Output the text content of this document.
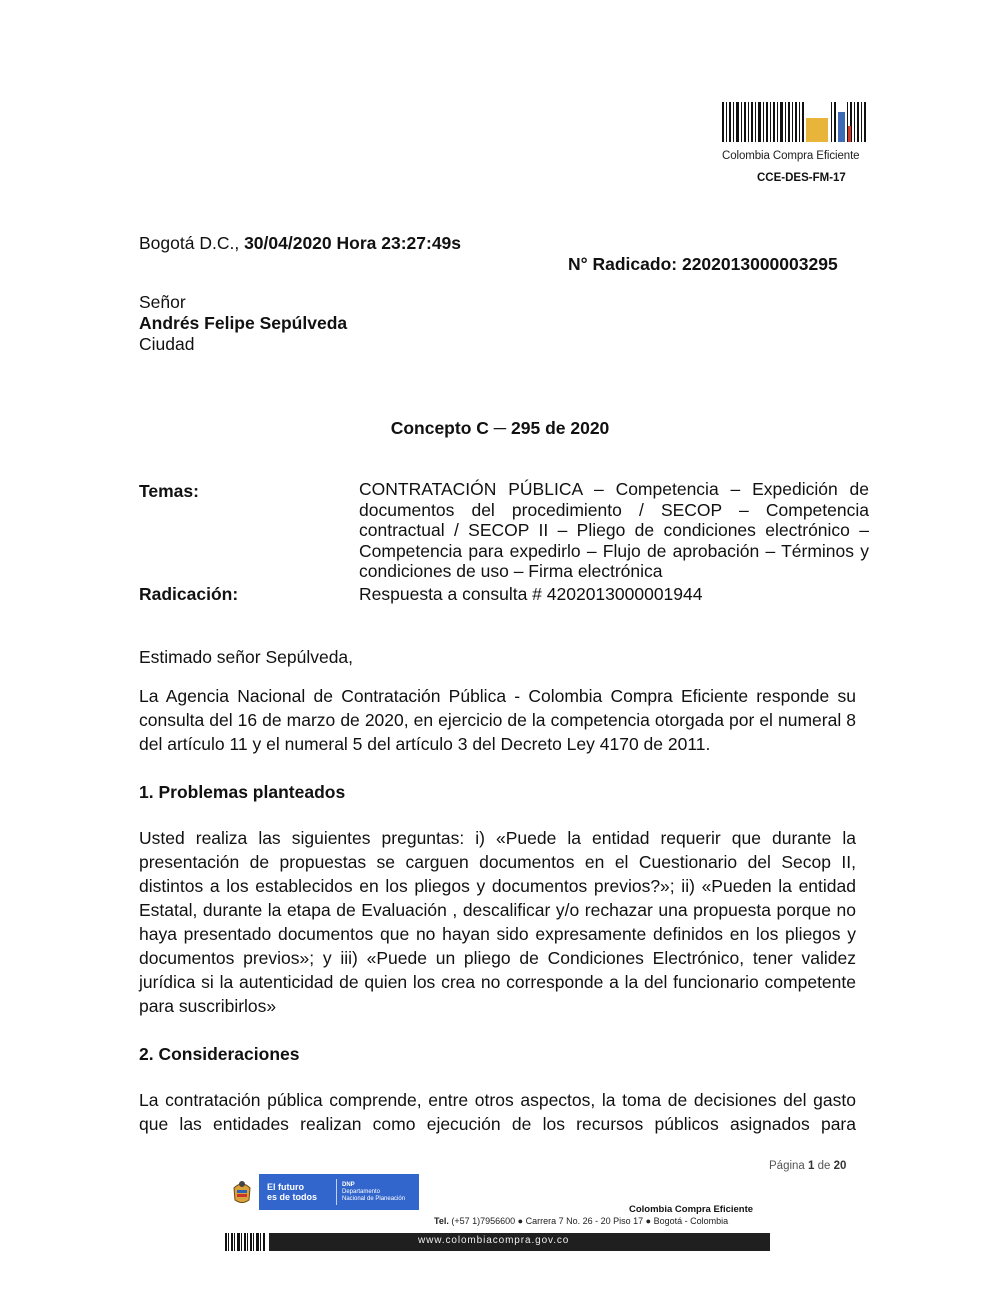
Colombia Compra Eficiente
CCE-DES-FM-17
Bogotá D.C., 30/04/2020 Hora 23:27:49s
N° Radicado: 2202013000003295
Señor
Andrés Felipe Sepúlveda
Ciudad
Concepto C ─ 295 de 2020
Temas:	CONTRATACIÓN PÚBLICA – Competencia – Expedición de documentos del procedimiento / SECOP – Competencia contractual / SECOP II – Pliego de condiciones electrónico – Competencia para expedirlo – Flujo de aprobación – Términos y condiciones de uso – Firma electrónica
Radicación:	Respuesta a consulta # 4202013000001944
Estimado señor Sepúlveda,
La Agencia Nacional de Contratación Pública - Colombia Compra Eficiente responde su consulta del 16 de marzo de 2020, en ejercicio de la competencia otorgada por el numeral 8 del artículo 11 y el numeral 5 del artículo 3 del Decreto Ley 4170 de 2011.
1. Problemas planteados
Usted realiza las siguientes preguntas: i) «Puede la entidad requerir que durante la presentación de propuestas se carguen documentos en el Cuestionario del Secop II, distintos a los establecidos en los pliegos y documentos previos?»; ii) «Pueden la entidad Estatal, durante la etapa de Evaluación , descalificar y/o rechazar una propuesta porque no haya presentado documentos que no hayan sido expresamente definidos en los pliegos y documentos previos»; y iii) «Puede un pliego de Condiciones Electrónico, tener validez jurídica si la autenticidad de quien los crea no corresponde a la del funcionario competente para suscribirlos»
2. Consideraciones
La contratación pública comprende, entre otros aspectos, la toma de decisiones del gasto que las entidades realizan como ejecución de los recursos públicos asignados para
Página 1 de 20
El futuro
es de todos
DNP
Departamento
Nacional de Planeación
Colombia Compra Eficiente
Tel. (+57 1)7956600 ● Carrera 7 No. 26 - 20 Piso 17 ● Bogotá - Colombia
www.colombiacompra.gov.co
